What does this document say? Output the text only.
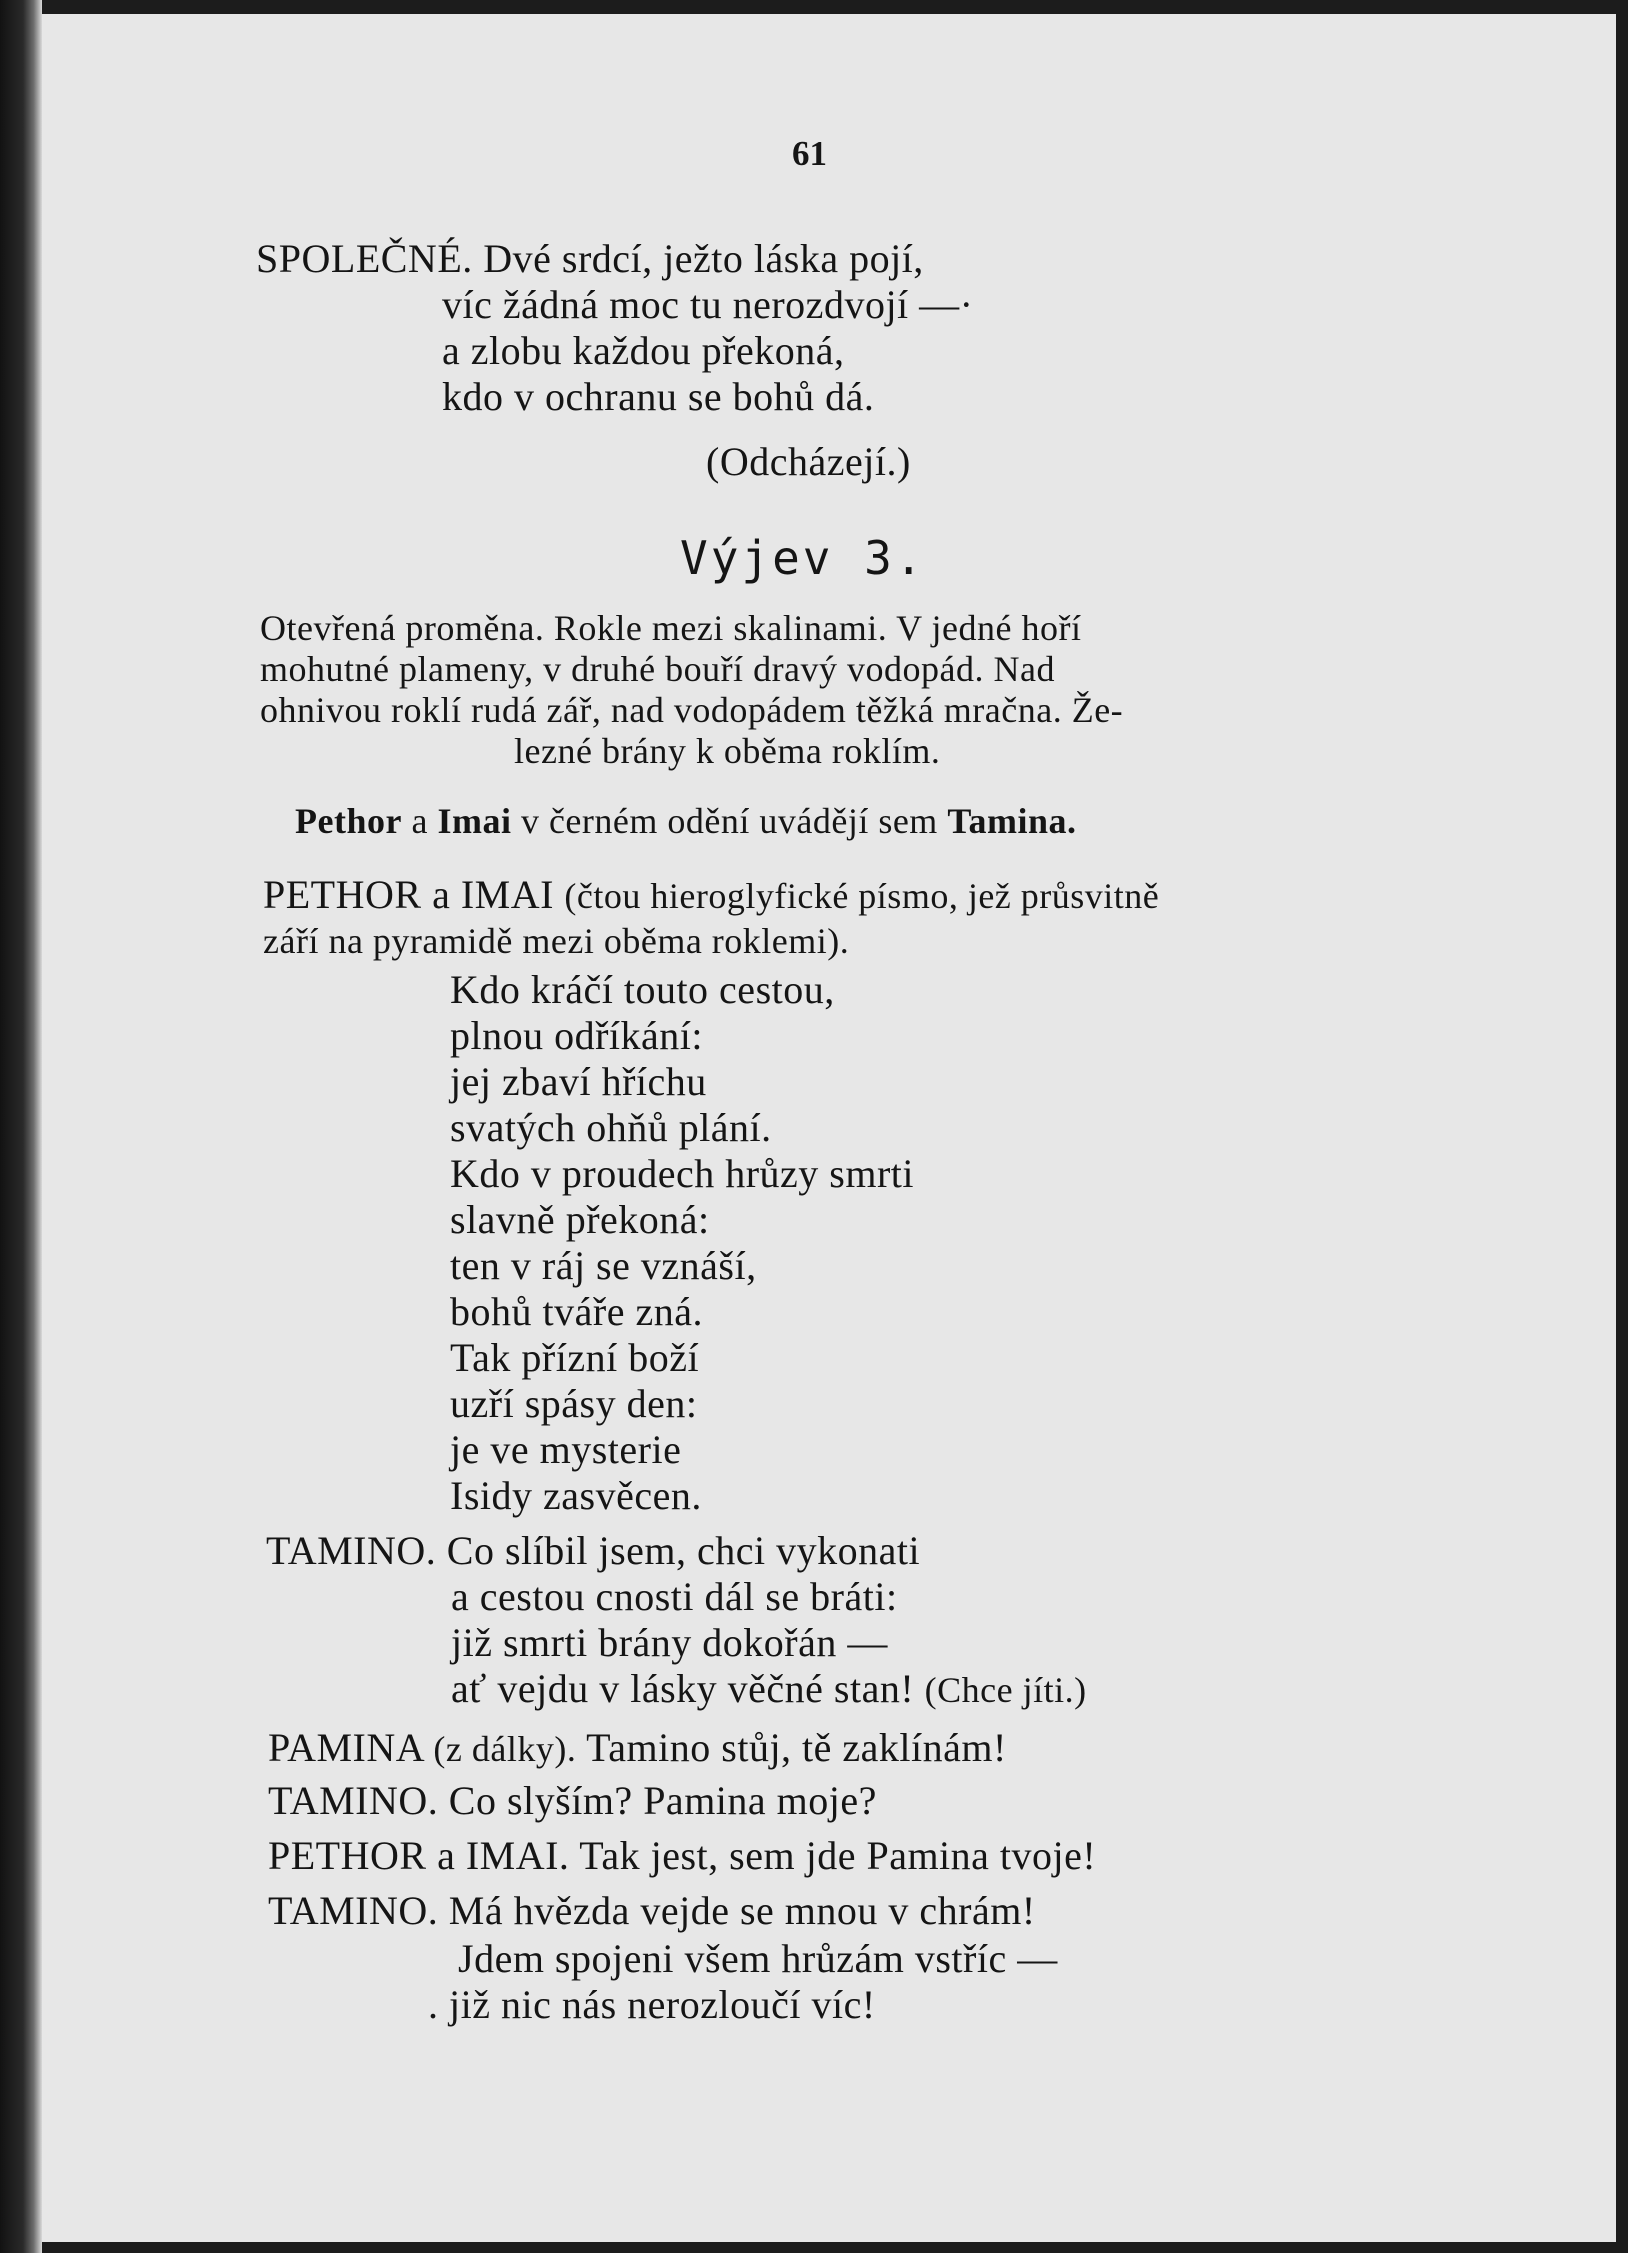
61
SPOLEČNÉ. Dvé srdcí, ježto láska pojí,
víc žádná moc tu nerozdvojí —·
a zlobu každou překoná,
kdo v ochranu se bohů dá.
(Odcházejí.)
Výjev 3.
Otevřená proměna. Rokle mezi skalinami. V jedné hoří
mohutné plameny, v druhé bouří dravý vodopád. Nad
ohnivou roklí rudá zář, nad vodopádem těžká mračna. Že-
lezné brány k oběma roklím.
Pethor a Imai v černém odění uvádějí sem Tamina.
PETHOR a IMAI (čtou hieroglyfické písmo, jež průsvitně
září na pyramidě mezi oběma roklemi).
Kdo kráčí touto cestou,
plnou odříkání:
jej zbaví hříchu
svatých ohňů plání.
Kdo v proudech hrůzy smrti
slavně překoná:
ten v ráj se vznáší,
bohů tváře zná.
Tak přízní boží
uzří spásy den:
je ve mysterie
Isidy zasvěcen.
TAMINO. Co slíbil jsem, chci vykonati
a cestou cnosti dál se bráti:
již smrti brány dokořán —
ať vejdu v lásky věčné stan! (Chce jíti.)
PAMINA (z dálky). Tamino stůj, tě zaklínám!
TAMINO. Co slyším? Pamina moje?
PETHOR a IMAI. Tak jest, sem jde Pamina tvoje!
TAMINO. Má hvězda vejde se mnou v chrám!
Jdem spojeni všem hrůzám vstříc —
. již nic nás nerozloučí víc!
